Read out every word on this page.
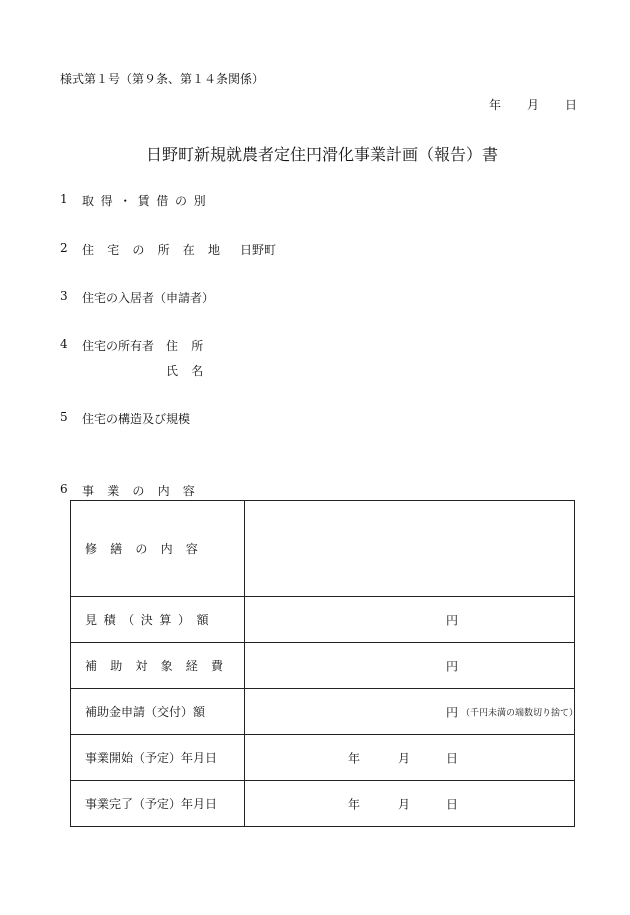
様式第１号（第９条、第１４条関係）
年 月 日
日野町新規就農者定住円滑化事業計画（報告）書
1 取得・賃借の別
2 住宅の所在地 日野町
3 住宅の入居者（申請者）
4 住宅の所有者 住所
氏名
5 住宅の構造及び規模
6 事業の内容
修繕の内容	
見積（決算）額	円

補助対象経費	円

補助金申請（交付）額	円 （千円未満の端数切り捨て）

事業開始（予定）年月日	年 月 日

事業完了（予定）年月日	年 月 日
